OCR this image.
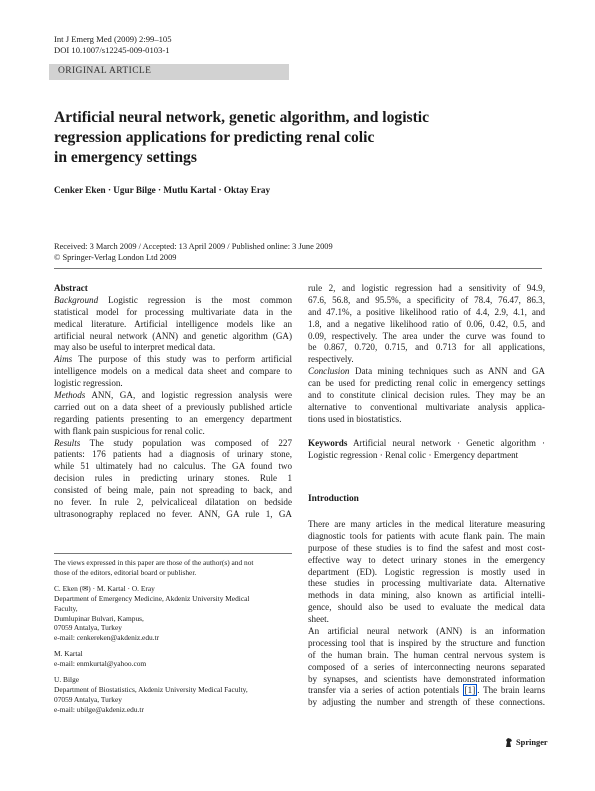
Int J Emerg Med (2009) 2:99–105
DOI 10.1007/s12245-009-0103-1
ORIGINAL ARTICLE
Artificial neural network, genetic algorithm, and logistic
regression applications for predicting renal colic
in emergency settings
Cenker Eken · Ugur Bilge · Mutlu Kartal · Oktay Eray
Received: 3 March 2009 / Accepted: 13 April 2009 / Published online: 3 June 2009
© Springer-Verlag London Ltd 2009
Abstract
Background Logistic regression is the most common
statistical model for processing multivariate data in the
medical literature. Artificial intelligence models like an
artificial neural network (ANN) and genetic algorithm (GA)
may also be useful to interpret medical data.
Aims The purpose of this study was to perform artificial
intelligence models on a medical data sheet and compare to
logistic regression.
Methods ANN, GA, and logistic regression analysis were
carried out on a data sheet of a previously published article
regarding patients presenting to an emergency department
with flank pain suspicious for renal colic.
Results The study population was composed of 227
patients: 176 patients had a diagnosis of urinary stone,
while 51 ultimately had no calculus. The GA found two
decision rules in predicting urinary stones. Rule 1
consisted of being male, pain not spreading to back, and
no fever. In rule 2, pelvicaliceal dilatation on bedside
ultrasonography replaced no fever. ANN, GA rule 1, GA
rule 2, and logistic regression had a sensitivity of 94.9,
67.6, 56.8, and 95.5%, a specificity of 78.4, 76.47, 86.3,
and 47.1%, a positive likelihood ratio of 4.4, 2.9, 4.1, and
1.8, and a negative likelihood ratio of 0.06, 0.42, 0.5, and
0.09, respectively. The area under the curve was found to
be 0.867, 0.720, 0.715, and 0.713 for all applications,
respectively.
Conclusion Data mining techniques such as ANN and GA
can be used for predicting renal colic in emergency settings
and to constitute clinical decision rules. They may be an
alternative to conventional multivariate analysis applica-
tions used in biostatistics.
Keywords Artificial neural network · Genetic algorithm ·
Logistic regression · Renal colic · Emergency department
Introduction
There are many articles in the medical literature measuring
diagnostic tools for patients with acute flank pain. The main
purpose of these studies is to find the safest and most cost-
effective way to detect urinary stones in the emergency
department (ED). Logistic regression is mostly used in
these studies in processing multivariate data. Alternative
methods in data mining, also known as artificial intelli-
gence, should also be used to evaluate the medical data
sheet.
An artificial neural network (ANN) is an information
processing tool that is inspired by the structure and function
of the human brain. The human central nervous system is
composed of a series of interconnecting neurons separated
by synapses, and scientists have demonstrated information
transfer via a series of action potentials [1] . The brain learns
by adjusting the number and strength of these connections.
The views expressed in this paper are those of the author(s) and not
those of the editors, editorial board or publisher.
C. Eken (✉) · M. Kartal · O. Eray
Department of Emergency Medicine, Akdeniz University Medical
Faculty,
Dumlupinar Bulvari, Kampus,
07059 Antalya, Turkey
e-mail: cenkereken@akdeniz.edu.tr
M. Kartal
e-mail: enmkurtal@yahoo.com
U. Bilge
Department of Biostatistics, Akdeniz University Medical Faculty,
07059 Antalya, Turkey
e-mail: ubilge@akdeniz.edu.tr
Springer
